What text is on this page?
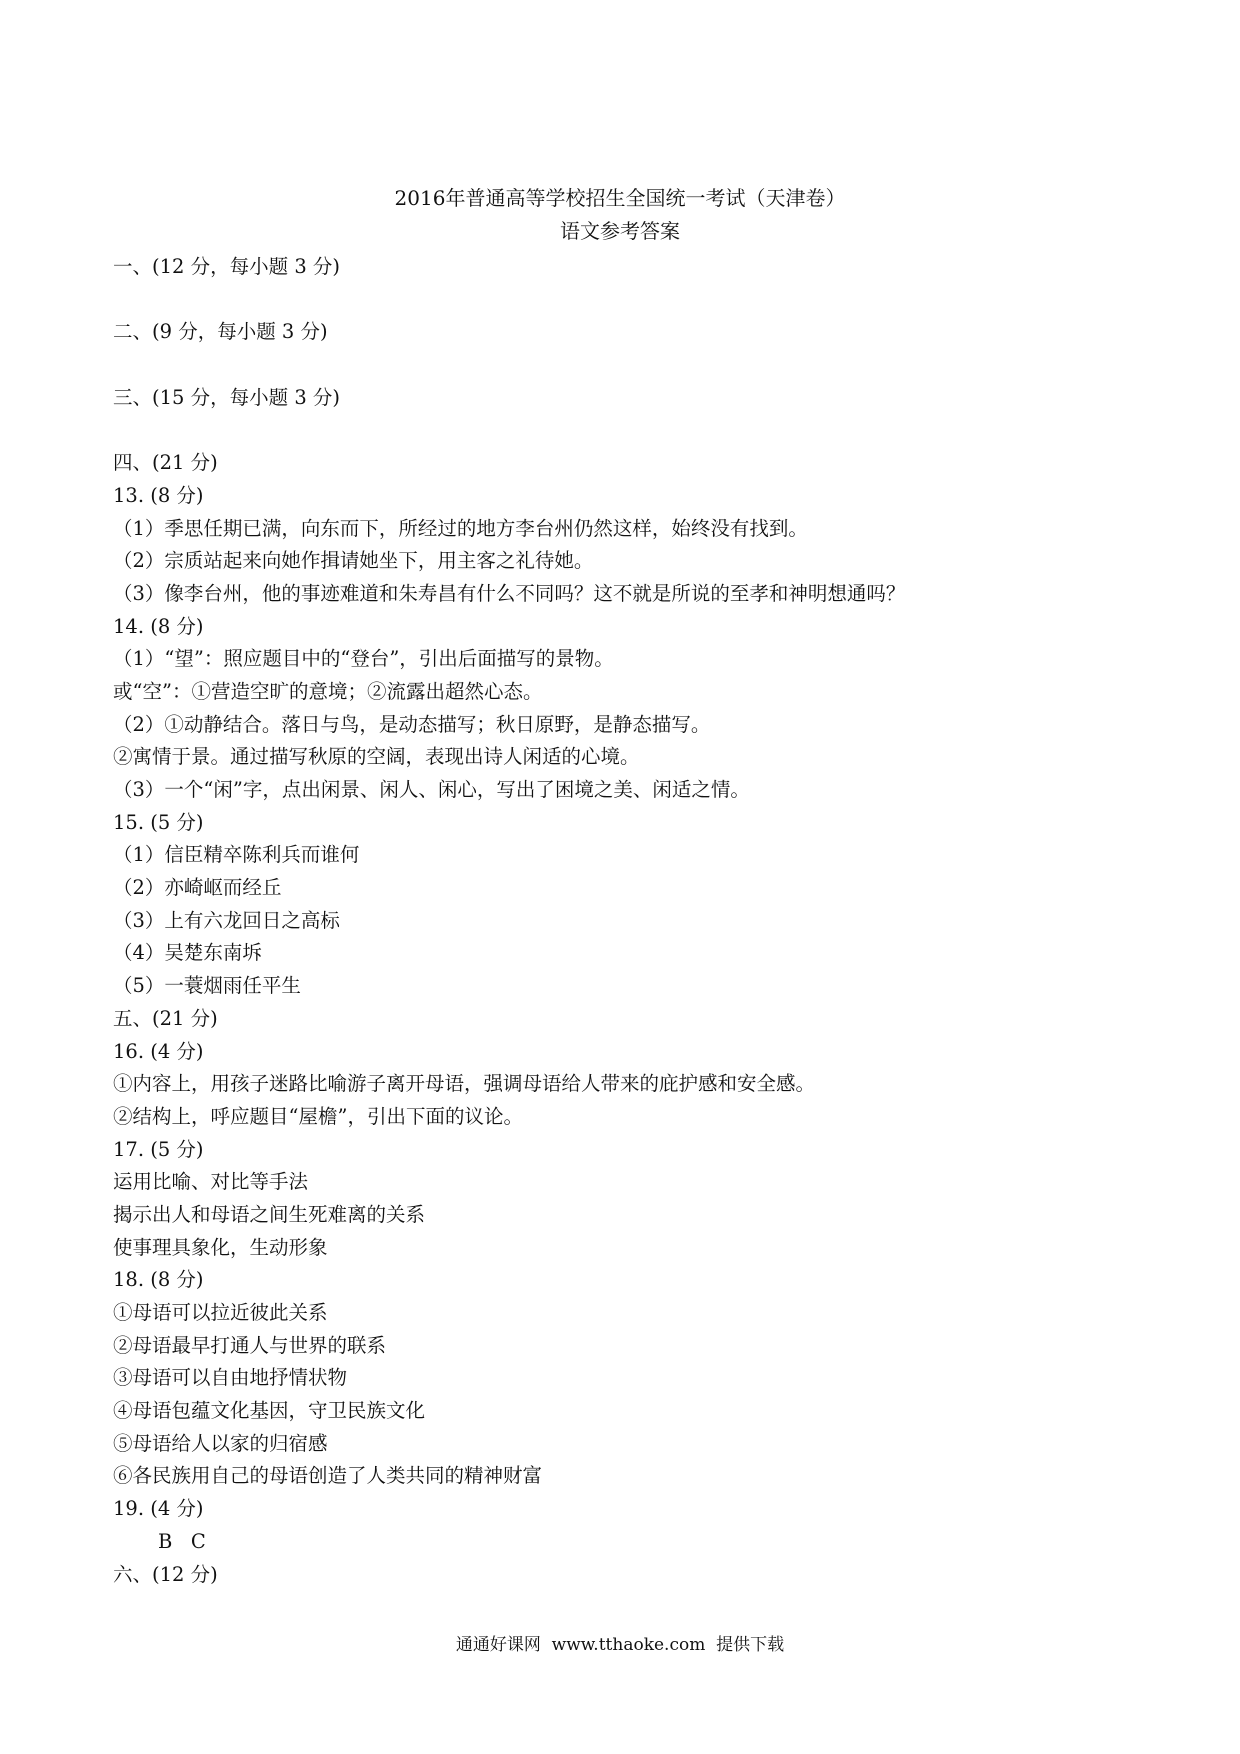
2016年普通高等学校招生全国统一考试（天津卷）
语文参考答案
一、(12 分，每小题 3 分)

二、(9 分，每小题 3 分)

三、(15 分，每小题 3 分)

四、(21 分)
13. (8 分)
（1）季思任期已满，向东而下，所经过的地方李台州仍然这样，始终没有找到。
（2）宗质站起来向她作揖请她坐下，用主客之礼待她。
（3）像李台州，他的事迹难道和朱寿昌有什么不同吗？这不就是所说的至孝和神明想通吗？
14. (8 分)
（1）“望”：照应题目中的“登台”，引出后面描写的景物。
或“空”：①营造空旷的意境；②流露出超然心态。
（2）①动静结合。落日与鸟，是动态描写；秋日原野，是静态描写。
②寓情于景。通过描写秋原的空阔，表现出诗人闲适的心境。
（3）一个“闲”字，点出闲景、闲人、闲心，写出了困境之美、闲适之情。
15. (5 分)
（1）信臣精卒陈利兵而谁何
（2）亦崎岖而经丘
（3）上有六龙回日之高标
（4）吴楚东南坼
（5）一蓑烟雨任平生
五、(21 分)
16. (4 分)
①内容上，用孩子迷路比喻游子离开母语，强调母语给人带来的庇护感和安全感。
②结构上，呼应题目“屋檐”，引出下面的议论。
17. (5 分)
运用比喻、对比等手法
揭示出人和母语之间生死难离的关系
使事理具象化，生动形象
18. (8 分)
①母语可以拉近彼此关系
②母语最早打通人与世界的联系
③母语可以自由地抒情状物
④母语包蕴文化基因，守卫民族文化
⑤母语给人以家的归宿感
⑥各民族用自己的母语创造了人类共同的精神财富
19. (4 分)
B   C
六、(12 分)
通通好课网  www.tthaoke.com  提供下载
